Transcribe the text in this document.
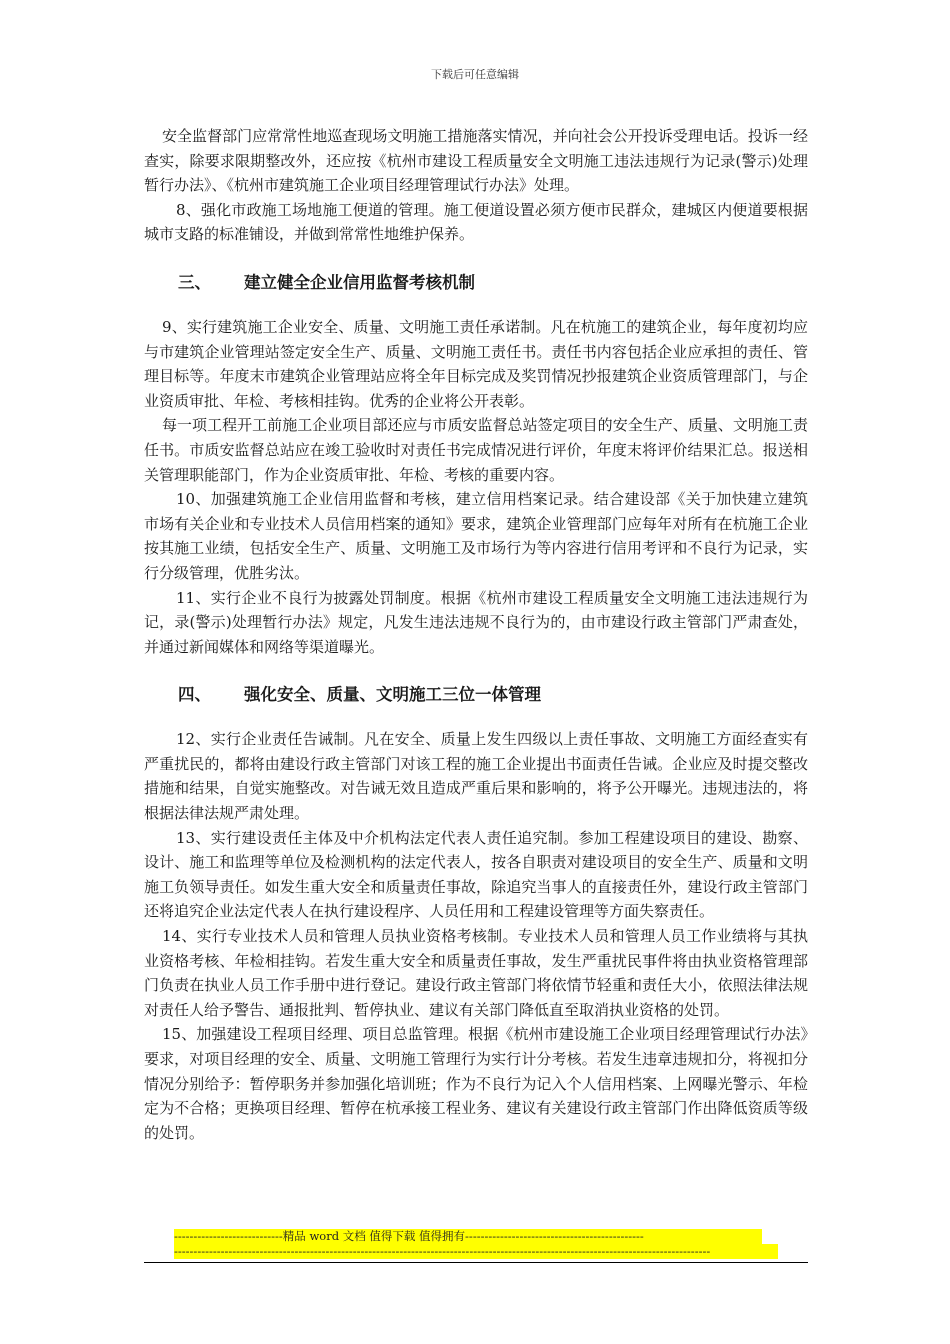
下载后可任意编辑

安全监督部门应常常性地巡查现场文明施工措施落实情况，并向社会公开投诉受理电话。投诉一经查实，除要求限期整改外，还应按《杭州市建设工程质量安全文明施工违法违规行为记录(警示)处理暂行办法》、《杭州市建筑施工企业项目经理管理试行办法》处理。

8、强化市政施工场地施工便道的管理。施工便道设置必须方便市民群众，建城区内便道要根据城市支路的标准铺设，并做到常常性地维护保养。

三、	建立健全企业信用监督考核机制

9、实行建筑施工企业安全、质量、文明施工责任承诺制。凡在杭施工的建筑企业，每年度初均应与市建筑企业管理站签定安全生产、质量、文明施工责任书。责任书内容包括企业应承担的责任、管理目标等。年度末市建筑企业管理站应将全年目标完成及奖罚情况抄报建筑企业资质管理部门，与企业资质审批、年检、考核相挂钩。优秀的企业将公开表彰。

每一项工程开工前施工企业项目部还应与市质安监督总站签定项目的安全生产、质量、文明施工责任书。市质安监督总站应在竣工验收时对责任书完成情况进行评价，年度末将评价结果汇总。报送相关管理职能部门，作为企业资质审批、年检、考核的重要内容。

10、加强建筑施工企业信用监督和考核，建立信用档案记录。结合建设部《关于加快建立建筑市场有关企业和专业技术人员信用档案的通知》要求，建筑企业管理部门应每年对所有在杭施工企业按其施工业绩，包括安全生产、质量、文明施工及市场行为等内容进行信用考评和不良行为记录，实行分级管理，优胜劣汰。

11、实行企业不良行为披露处罚制度。根据《杭州市建设工程质量安全文明施工违法违规行为记，录(警示)处理暂行办法》规定，凡发生违法违规不良行为的，由市建设行政主管部门严肃查处，并通过新闻媒体和网络等渠道曝光。

四、	强化安全、质量、文明施工三位一体管理

12、实行企业责任告诫制。凡在安全、质量上发生四级以上责任事故、文明施工方面经查实有严重扰民的，都将由建设行政主管部门对该工程的施工企业提出书面责任告诫。企业应及时提交整改措施和结果，自觉实施整改。对告诫无效且造成严重后果和影响的，将予公开曝光。违规违法的，将根据法律法规严肃处理。

13、实行建设责任主体及中介机构法定代表人责任追究制。参加工程建设项目的建设、勘察、设计、施工和监理等单位及检测机构的法定代表人，按各自职责对建设项目的安全生产、质量和文明施工负领导责任。如发生重大安全和质量责任事故，除追究当事人的直接责任外，建设行政主管部门还将追究企业法定代表人在执行建设程序、人员任用和工程建设管理等方面失察责任。

14、实行专业技术人员和管理人员执业资格考核制。专业技术人员和管理人员工作业绩将与其执业资格考核、年检相挂钩。若发生重大安全和质量责任事故，发生严重扰民事件将由执业资格管理部门负责在执业人员工作手册中进行登记。建设行政主管部门将依情节轻重和责任大小，依照法律法规对责任人给予警告、通报批判、暂停执业、建议有关部门降低直至取消执业资格的处罚。

15、加强建设工程项目经理、项目总监管理。根据《杭州市建设施工企业项目经理管理试行办法》要求，对项目经理的安全、质量、文明施工管理行为实行计分考核。若发生违章违规扣分，将视扣分情况分别给予：暂停职务并参加强化培训班；作为不良行为记入个人信用档案、上网曝光警示、年检定为不合格；更换项目经理、暂停在杭承接工程业务、建议有关建设行政主管部门作出降低资质等级的处罚。

----------------------------精品 word 文档 值得下载 值得拥有----------------------------------------------
------------------------------------------------------------------------------------------------------------------------------------------
